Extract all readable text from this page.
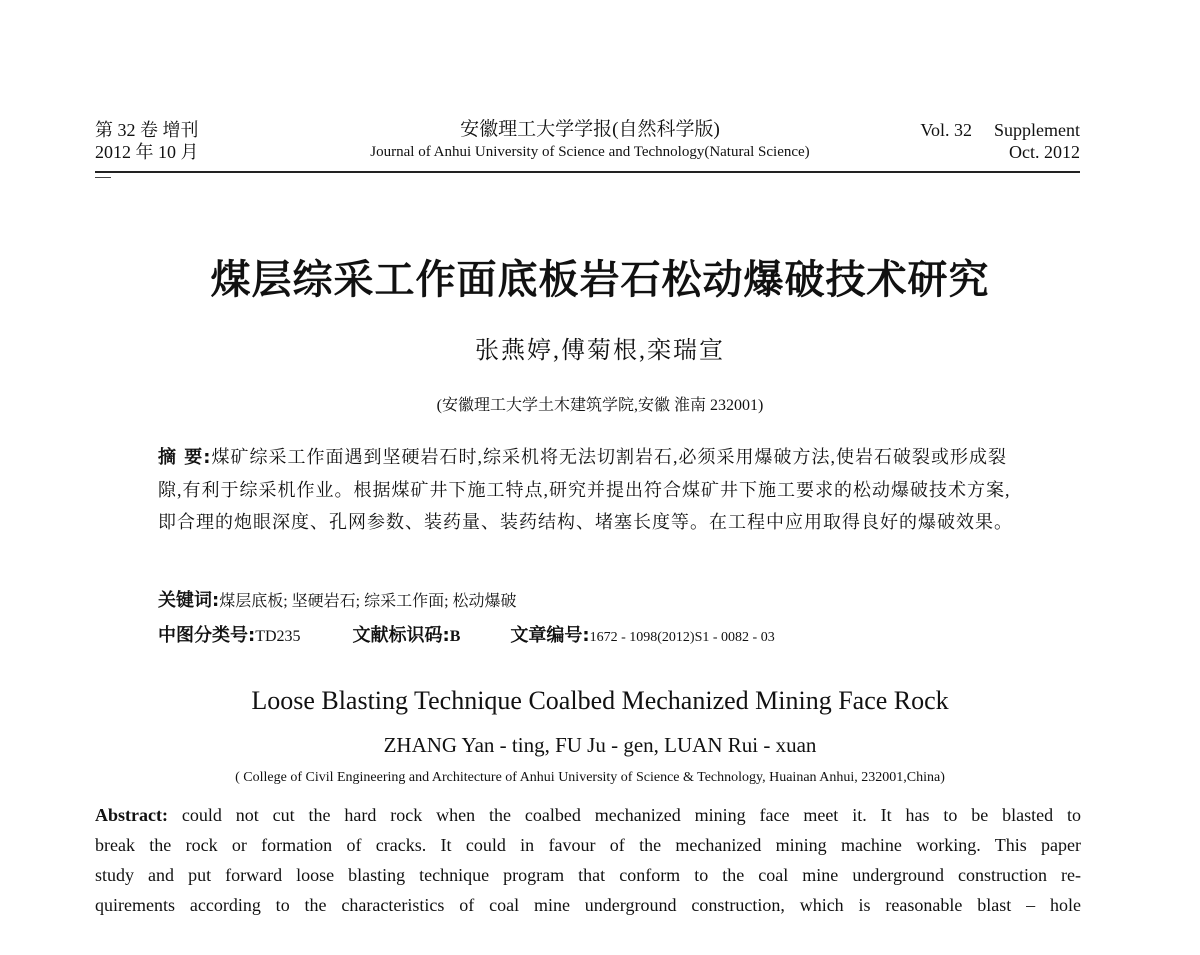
第 32 卷 增刊
2012 年 10 月
安徽理工大学学报(自然科学版)
Journal of Anhui University of Science and Technology(Natural Science)
Vol. 32 Supplement
Oct. 2012
煤层综采工作面底板岩石松动爆破技术研究
张燕婷,傅菊根,栾瑞宣
(安徽理工大学土木建筑学院,安徽 淮南 232001)
摘 要:煤矿综采工作面遇到坚硬岩石时,综采机将无法切割岩石,必须采用爆破方法,使岩石破裂或形成裂隙,有利于综采机作业。根据煤矿井下施工特点,研究并提出符合煤矿井下施工要求的松动爆破技术方案,即合理的炮眼深度、孔网参数、装药量、装药结构、堵塞长度等。在工程中应用取得良好的爆破效果。
关键词:煤层底板; 坚硬岩石; 综采工作面; 松动爆破
中图分类号:TD235	文献标识码:B	文章编号:1672 - 1098(2012)S1 - 0082 - 03
Loose Blasting Technique Coalbed Mechanized Mining Face Rock
ZHANG Yan - ting, FU Ju - gen, LUAN Rui - xuan
( College of Civil Engineering and Architecture of Anhui University of Science & Technology, Huainan Anhui, 232001,China)
Abstract: could not cut the hard rock when the coalbed mechanized mining face meet it. It has to be blasted to
break the rock or formation of cracks. It could in favour of the mechanized mining machine working. This paper
study and put forward loose blasting technique program that conform to the coal mine underground construction re-
quirements according to the characteristics of coal mine underground construction, which is reasonable blast – hole
